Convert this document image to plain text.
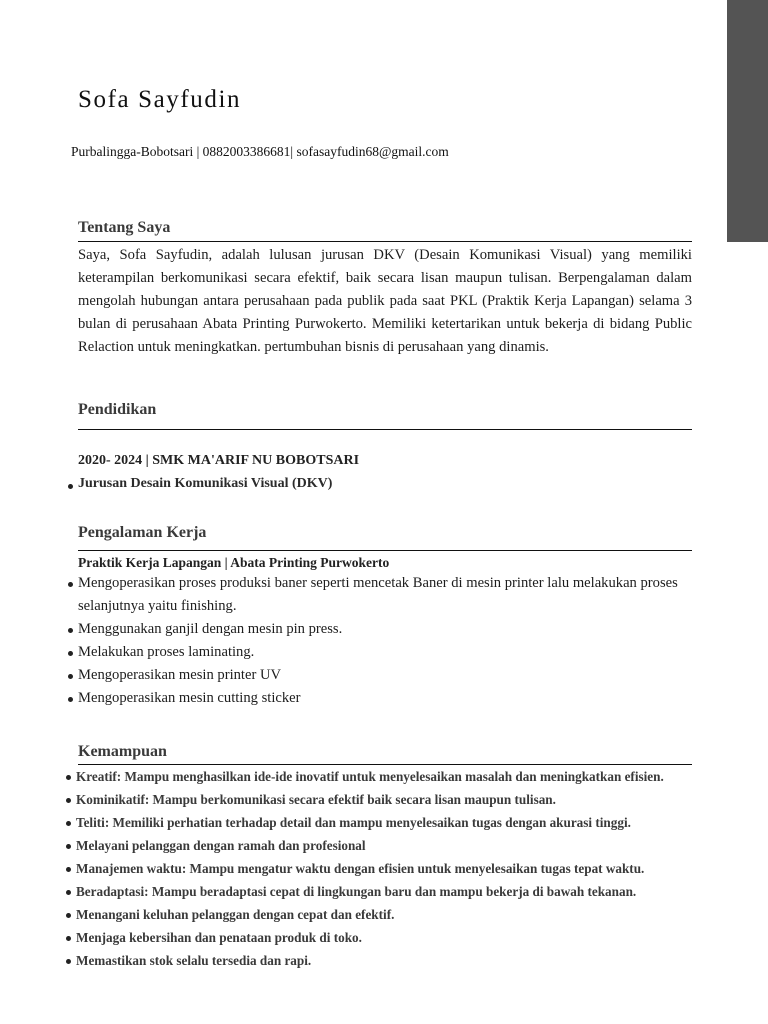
Sofa Sayfudin
Purbalingga-Bobotsari | 0882003386681| sofasayfudin68@gmail.com
Tentang Saya

Saya, Sofa Sayfudin, adalah lulusan jurusan DKV (Desain Komunikasi Visual) yang memiliki keterampilan berkomunikasi secara efektif, baik secara lisan maupun tulisan. Berpengalaman dalam mengolah hubungan antara perusahaan pada publik pada saat PKL (Praktik Kerja Lapangan) selama 3 bulan di perusahaan Abata Printing Purwokerto. Memiliki ketertarikan untuk bekerja di bidang Public Relaction untuk meningkatkan. pertumbuhan bisnis di perusahaan yang dinamis.

Pendidikan
2020- 2024 | SMK MA'ARIF NU BOBOTSARI
Jurusan Desain Komunikasi Visual (DKV)
Pengalaman Kerja
Praktik Kerja Lapangan | Abata Printing Purwokerto
Mengoperasikan proses produksi baner seperti mencetak Baner di mesin printer lalu melakukan proses selanjutnya yaitu finishing.
Menggunakan ganjil dengan mesin pin press.
Melakukan proses laminating.
Mengoperasikan mesin printer UV
Mengoperasikan mesin cutting sticker
Kemampuan
Kreatif: Mampu menghasilkan ide-ide inovatif untuk menyelesaikan masalah dan meningkatkan efisien.
Kominikatif: Mampu berkomunikasi secara efektif baik secara lisan maupun tulisan.
Teliti: Memiliki perhatian terhadap detail dan mampu menyelesaikan tugas dengan akurasi tinggi.
Melayani pelanggan dengan ramah dan profesional
Manajemen waktu: Mampu mengatur waktu dengan efisien untuk menyelesaikan tugas tepat waktu.
Beradaptasi: Mampu beradaptasi cepat di lingkungan baru dan mampu bekerja di bawah tekanan.
Menangani keluhan pelanggan dengan cepat dan efektif.
Menjaga kebersihan dan penataan produk di toko.
Memastikan stok selalu tersedia dan rapi.
